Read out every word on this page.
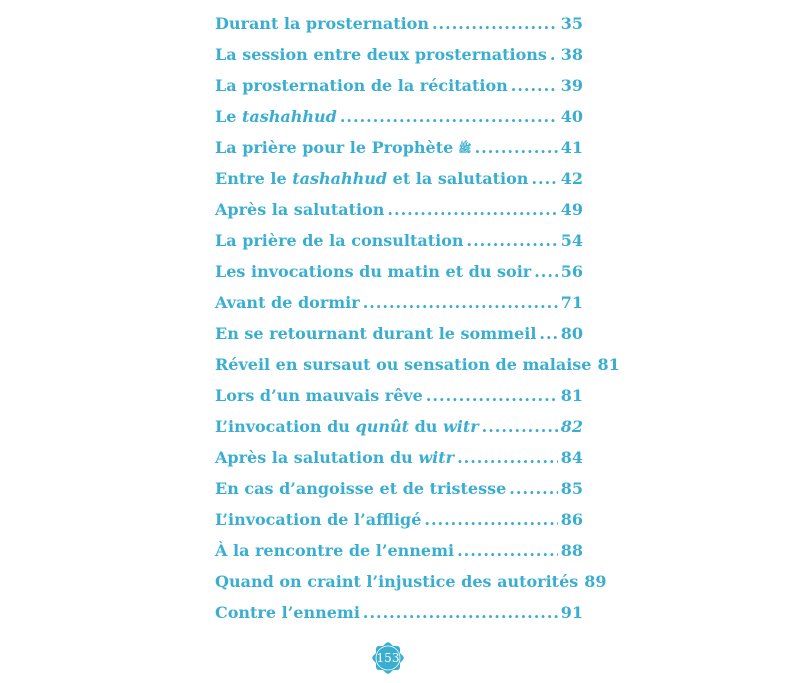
Durant la prosternation .....	35
La session entre deux prosternations ..... 38
La prosternation de la récitation .....	39
Le tashahhud .....	40
La prière pour le Prophète ﷺ .....	41
Entre le tashahhud et la salutation ..... 42
Après la salutation .....	49
La prière de la consultation .....	54
Les invocations du matin et du soir ..... 56
Avant de dormir .....	71
En se retournant durant le sommeil ..... 80
Réveil en sursaut ou sensation de malaise 81
Lors d’un mauvais rêve .....	81
L’invocation du qunût du witr .....	82
Après la salutation du witr .....	84
En cas d’angoisse et de tristesse .....	85
L’invocation de l’affligé .....	86
À la rencontre de l’ennemi .....	88
Quand on craint l’injustice des autorités 89
Contre l’ennemi .....	91
153
